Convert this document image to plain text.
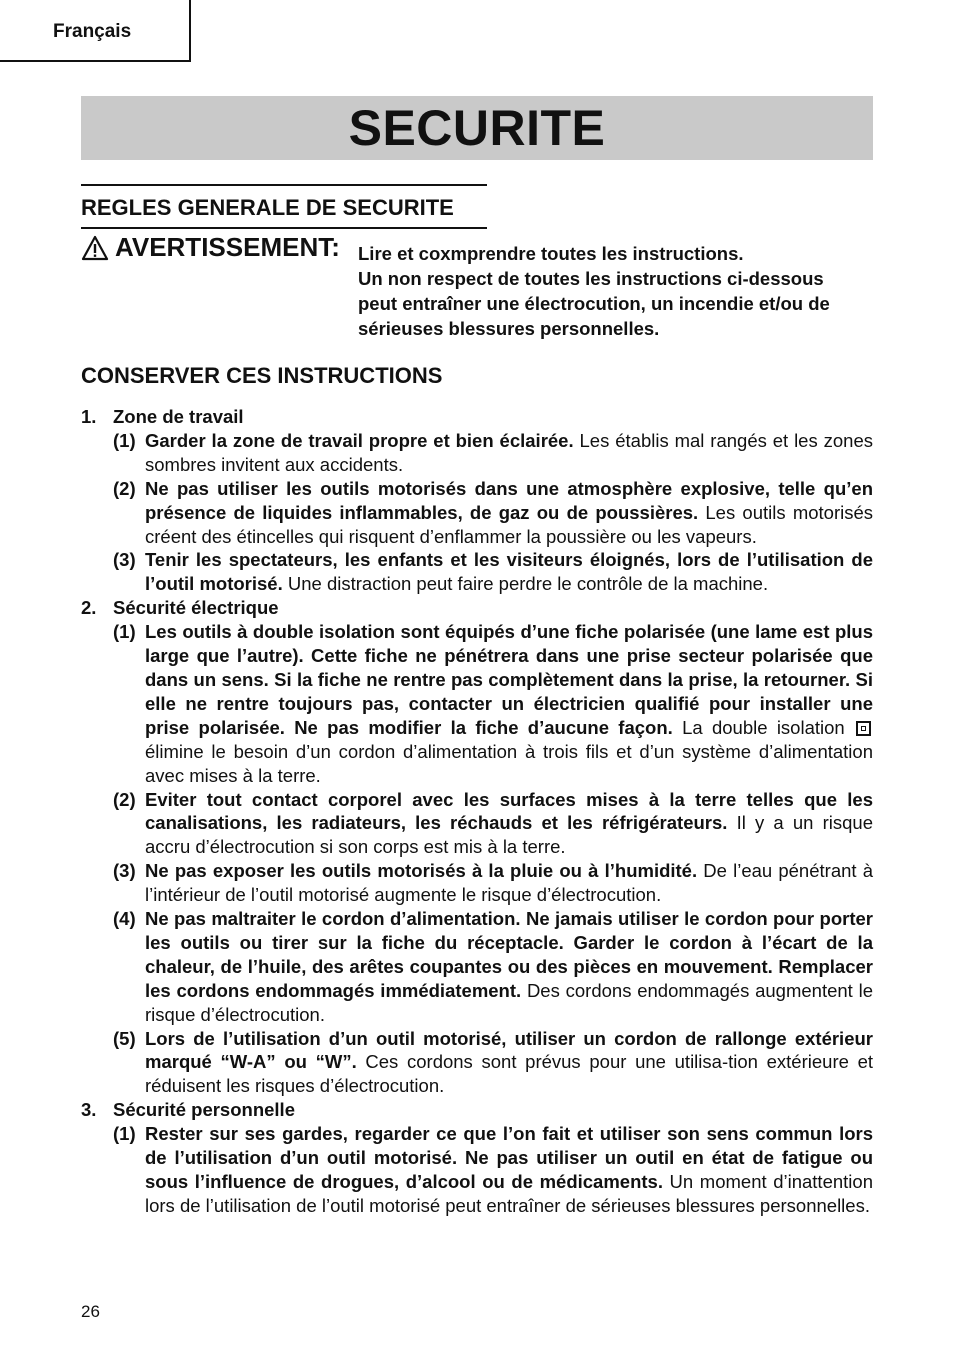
Français
SECURITE
REGLES GENERALE DE SECURITE
AVERTISSEMENT: Lire et coxmprendre toutes les instructions.
Un non respect de toutes les instructions ci-dessous
peut entraîner une électrocution, un incendie et/ou de
sérieuses blessures personnelles.
CONSERVER CES INSTRUCTIONS
1. Zone de travail
(1) Garder la zone de travail propre et bien éclairée. Les établis mal rangés et les zones sombres invitent aux accidents.
(2) Ne pas utiliser les outils motorisés dans une atmosphère explosive, telle qu’en présence de liquides inflammables, de gaz ou de poussières. Les outils motorisés créent des étincelles qui risquent d’enflammer la poussière ou les vapeurs.
(3) Tenir les spectateurs, les enfants et les visiteurs éloignés, lors de l’utilisation de l’outil motorisé. Une distraction peut faire perdre le contrôle de la machine.
2. Sécurité électrique
(1) Les outils à double isolation sont équipés d’une fiche polarisée (une lame est plus large que l’autre). Cette fiche ne pénétrera dans une prise secteur polarisée que dans un sens. Si la fiche ne rentre pas complètement dans la prise, la retourner. Si elle ne rentre toujours pas, contacter un électricien qualifié pour installer une prise polarisée. Ne pas modifier la fiche d’aucune façon. La double isolation  élimine le besoin d’un cordon d’alimentation à trois fils et d’un système d’alimentation avec mises à la terre.
(2) Eviter tout contact corporel avec les surfaces mises à la terre telles que les canalisations, les radiateurs, les réchauds et les réfrigérateurs. Il y a un risque accru d’électrocution si son corps est mis à la terre.
(3) Ne pas exposer les outils motorisés à la pluie ou à l’humidité. De l’eau pénétrant à l’intérieur de l’outil motorisé augmente le risque d’électrocution.
(4) Ne pas maltraiter le cordon d’alimentation. Ne jamais utiliser le cordon pour porter les outils ou tirer sur la fiche du réceptacle. Garder le cordon à l’écart de la chaleur, de l’huile, des arêtes coupantes ou des pièces en mouvement. Remplacer les cordons endommagés immédiatement. Des cordons endommagés augmentent le risque d’électrocution.
(5) Lors de l’utilisation d’un outil motorisé, utiliser un cordon de rallonge extérieur marqué “W-A” ou “W”. Ces cordons sont prévus pour une utilisa-tion extérieure et réduisent les risques d’électrocution.
3. Sécurité personnelle
(1) Rester sur ses gardes, regarder ce que l’on fait et utiliser son sens commun lors de l’utilisation d’un outil motorisé. Ne pas utiliser un outil en état de fatigue ou sous l’influence de drogues, d’alcool ou de médicaments. Un moment d’inattention lors de l’utilisation de l’outil motorisé peut entraîner de sérieuses blessures personnelles.
26
